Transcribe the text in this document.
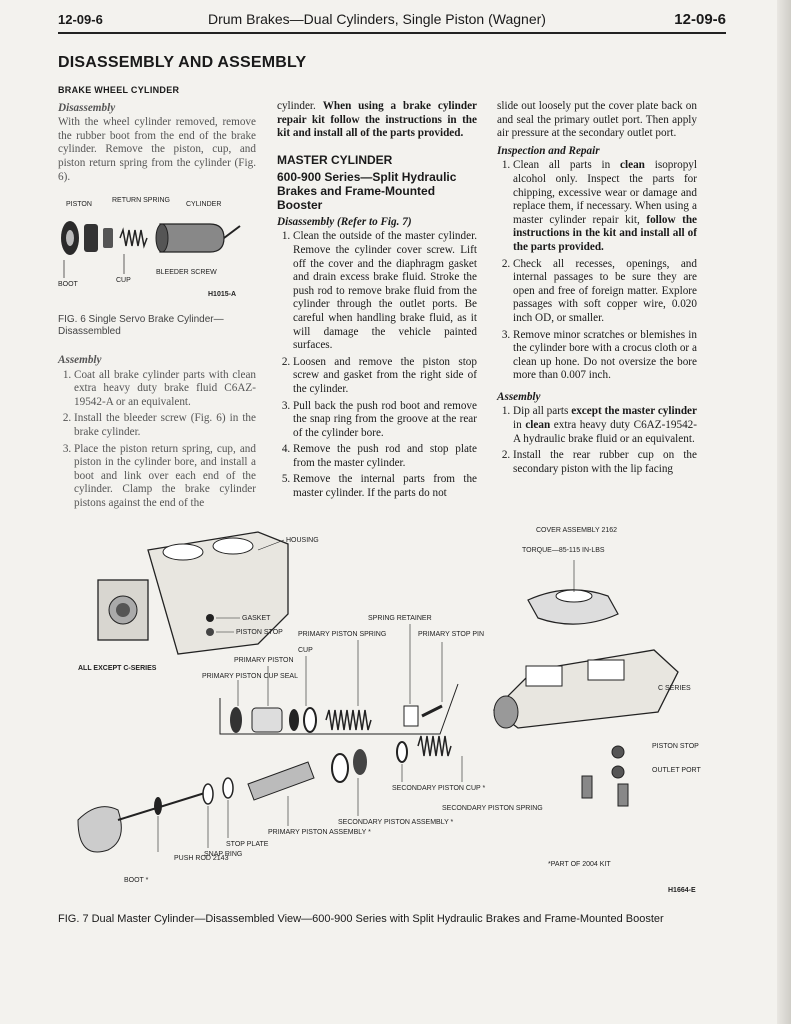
12-09-6	Drum Brakes—Dual Cylinders, Single Piston (Wagner)	12-09-6
DISASSEMBLY AND ASSEMBLY
BRAKE WHEEL CYLINDER
Disassembly

With the wheel cylinder removed, remove the rubber boot from the end of the brake cylinder. Remove the piston, cup, and piston return spring from the cylinder (Fig. 6).

PISTON
RETURN SPRING
CYLINDER
BOOT
CUP
BLEEDER SCREW
H1015-A
FIG. 6 Single Servo Brake Cylinder—Disassembled
Assembly
1. Coat all brake cylinder parts with clean extra heavy duty brake fluid C6AZ-19542-A or an equivalent.
2. Install the bleeder screw (Fig. 6) in the brake cylinder.
3. Place the piston return spring, cup, and piston in the cylinder bore, and install a boot and link over each end of the cylinder. Clamp the brake cylinder pistons against the end of the

cylinder. When using a brake cylinder repair kit follow the instructions in the kit and install all of the parts provided.

MASTER CYLINDER
600-900 Series—Split Hydraulic Brakes and Frame-Mounted Booster
Disassembly (Refer to Fig. 7)
1. Clean the outside of the master cylinder. Remove the cylinder cover screw. Lift off the cover and the diaphragm gasket and drain excess brake fluid. Stroke the push rod to remove brake fluid from the cylinder through the outlet ports. Be careful when handling brake fluid, as it will damage the vehicle painted surfaces.
2. Loosen and remove the piston stop screw and gasket from the right side of the cylinder.
3. Pull back the push rod boot and remove the snap ring from the groove at the rear of the cylinder bore.
4. Remove the push rod and stop plate from the master cylinder.
5. Remove the internal parts from the master cylinder. If the parts do not

slide out loosely put the cover plate back on and seal the primary outlet port. Then apply air pressure at the secondary outlet port.

Inspection and Repair
1. Clean all parts in clean isopropyl alcohol only. Inspect the parts for chipping, excessive wear or damage and replace them, if necessary. When using a master cylinder repair kit, follow the instructions in the kit and install all of the parts provided.
2. Check all recesses, openings, and internal passages to be sure they are open and free of foreign matter. Explore passages with soft copper wire, 0.020 inch OD, or smaller.
3. Remove minor scratches or blemishes in the cylinder bore with a crocus cloth or a clean up hone. Do not oversize the bore more than 0.007 inch.
Assembly
1. Dip all parts except the master cylinder in clean extra heavy duty C6AZ-19542-A hydraulic brake fluid or an equivalent.
2. Install the rear rubber cup on the secondary piston with the lip facing
HOUSING
GASKET
PISTON STOP
SPRING RETAINER
PRIMARY PISTON SPRING	PRIMARY STOP PIN
CUP
PRIMARY PISTON
PRIMARY PISTON CUP SEAL
ALL EXCEPT C-SERIES
SECONDARY PISTON CUP *
SECONDARY PISTON SPRING
SECONDARY PISTON ASSEMBLY *
PRIMARY PISTON ASSEMBLY *
STOP PLATE
SNAP RING
PUSH ROD 2143
BOOT *
COVER ASSEMBLY 2162
TORQUE—85-115 IN-LBS
C SERIES
PISTON STOP
OUTLET PORT
*PART OF 2004 KIT
H1664-E
FIG. 7 Dual Master Cylinder—Disassembled View—600-900 Series with Split Hydraulic Brakes and Frame-Mounted Booster
